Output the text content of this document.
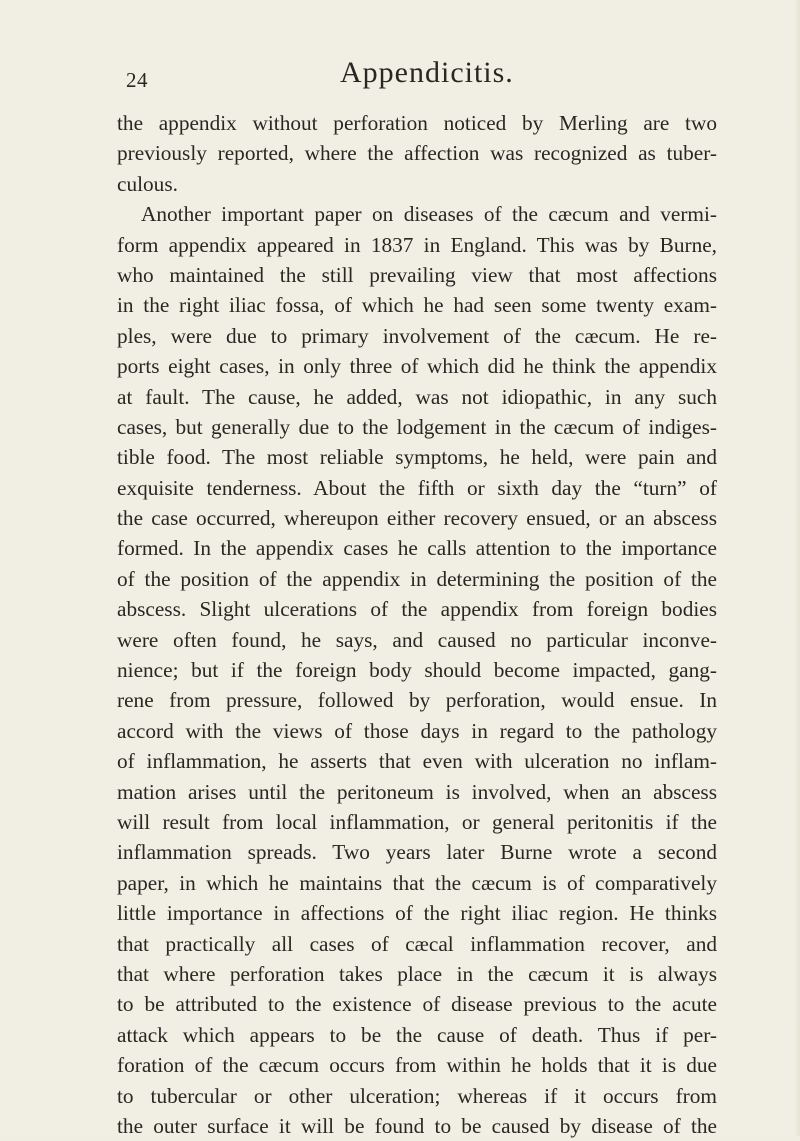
24	Appendicitis.
the appendix without perforation noticed by Merling are two
previously reported, where the affection was recognized as tuber-
culous.
Another important paper on diseases of the cæcum and vermi-
form appendix appeared in 1837 in England. This was by Burne,
who maintained the still prevailing view that most affections
in the right iliac fossa, of which he had seen some twenty exam-
ples, were due to primary involvement of the cæcum. He re-
ports eight cases, in only three of which did he think the appendix
at fault. The cause, he added, was not idiopathic, in any such
cases, but generally due to the lodgement in the cæcum of indiges-
tible food. The most reliable symptoms, he held, were pain and
exquisite tenderness. About the fifth or sixth day the “turn” of
the case occurred, whereupon either recovery ensued, or an abscess
formed. In the appendix cases he calls attention to the importance
of the position of the appendix in determining the position of the
abscess. Slight ulcerations of the appendix from foreign bodies
were often found, he says, and caused no particular inconve-
nience; but if the foreign body should become impacted, gang-
rene from pressure, followed by perforation, would ensue. In
accord with the views of those days in regard to the pathology
of inflammation, he asserts that even with ulceration no inflam-
mation arises until the peritoneum is involved, when an abscess
will result from local inflammation, or general peritonitis if the
inflammation spreads. Two years later Burne wrote a second
paper, in which he maintains that the cæcum is of comparatively
little importance in affections of the right iliac region. He thinks
that practically all cases of cæcal inflammation recover, and
that where perforation takes place in the cæcum it is always
to be attributed to the existence of disease previous to the acute
attack which appears to be the cause of death. Thus if per-
foration of the cæcum occurs from within he holds that it is due
to tubercular or other ulceration; whereas if it occurs from
the outer surface it will be found to be caused by disease of the
